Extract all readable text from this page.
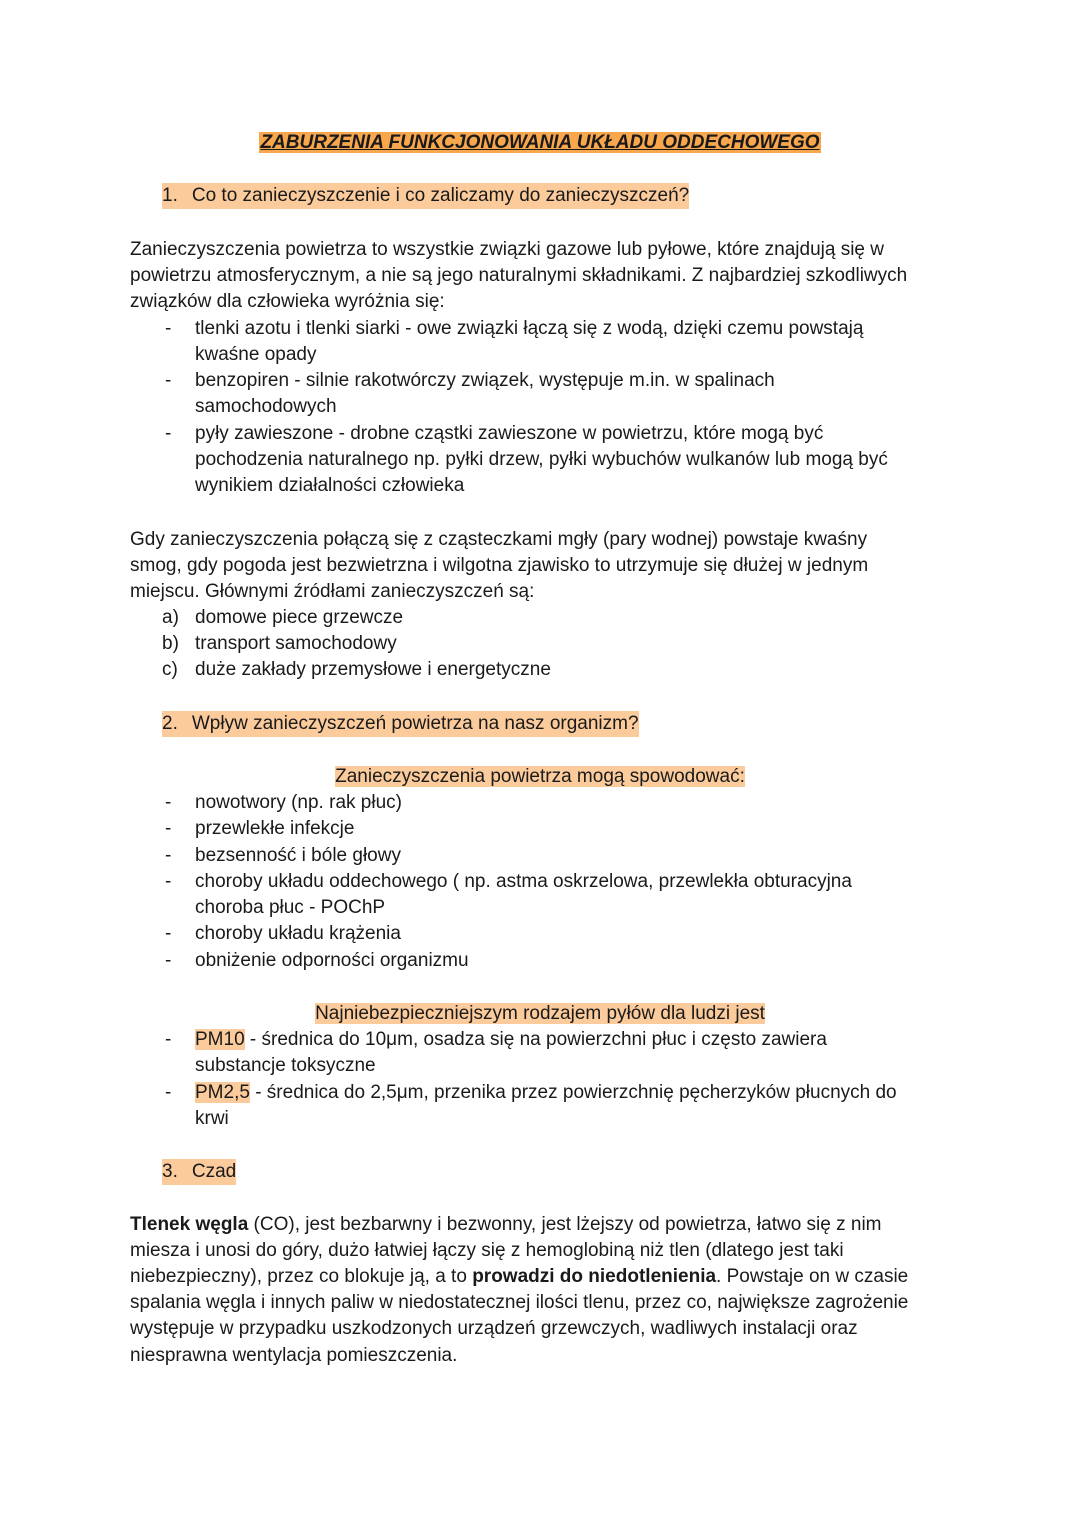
ZABURZENIA FUNKCJONOWANIA UKŁADU ODDECHOWEGO
1. Co to zanieczyszczenie i co zaliczamy do zanieczyszczeń?
Zanieczyszczenia powietrza to wszystkie związki gazowe lub pyłowe, które znajdują się w
powietrzu atmosferycznym, a nie są jego naturalnymi składnikami. Z najbardziej szkodliwych
związków dla człowieka wyróżnia się:
- tlenki azotu i tlenki siarki - owe związki łączą się z wodą, dzięki czemu powstają
kwaśne opady
- benzopiren - silnie rakotwórczy związek, występuje m.in. w spalinach
samochodowych
- pyły zawieszone - drobne cząstki zawieszone w powietrzu, które mogą być
pochodzenia naturalnego np. pyłki drzew, pyłki wybuchów wulkanów lub mogą być
wynikiem działalności człowieka
Gdy zanieczyszczenia połączą się z cząsteczkami mgły (pary wodnej) powstaje kwaśny
smog, gdy pogoda jest bezwietrzna i wilgotna zjawisko to utrzymuje się dłużej w jednym
miejscu. Głównymi źródłami zanieczyszczeń są:
a) domowe piece grzewcze
b) transport samochodowy
c) duże zakłady przemysłowe i energetyczne
2. Wpływ zanieczyszczeń powietrza na nasz organizm?
Zanieczyszczenia powietrza mogą spowodować:
- nowotwory (np. rak płuc)
- przewlekłe infekcje
- bezsenność i bóle głowy
- choroby układu oddechowego ( np. astma oskrzelowa, przewlekła obturacyjna
choroba płuc - POChP
- choroby układu krążenia
- obniżenie odporności organizmu
Najniebezpieczniejszym rodzajem pyłów dla ludzi jest
- PM10 - średnica do 10μm, osadza się na powierzchni płuc i często zawiera
substancje toksyczne
- PM2,5 - średnica do 2,5μm, przenika przez powierzchnię pęcherzyków płucnych do
krwi
3. Czad
Tlenek węgla (CO), jest bezbarwny i bezwonny, jest lżejszy od powietrza, łatwo się z nim
miesza i unosi do góry, dużo łatwiej łączy się z hemoglobiną niż tlen (dlatego jest taki
niebezpieczny), przez co blokuje ją, a to prowadzi do niedotlenienia. Powstaje on w czasie
spalania węgla i innych paliw w niedostatecznej ilości tlenu, przez co, największe zagrożenie
występuje w przypadku uszkodzonych urządzeń grzewczych, wadliwych instalacji oraz
niesprawna wentylacja pomieszczenia.
